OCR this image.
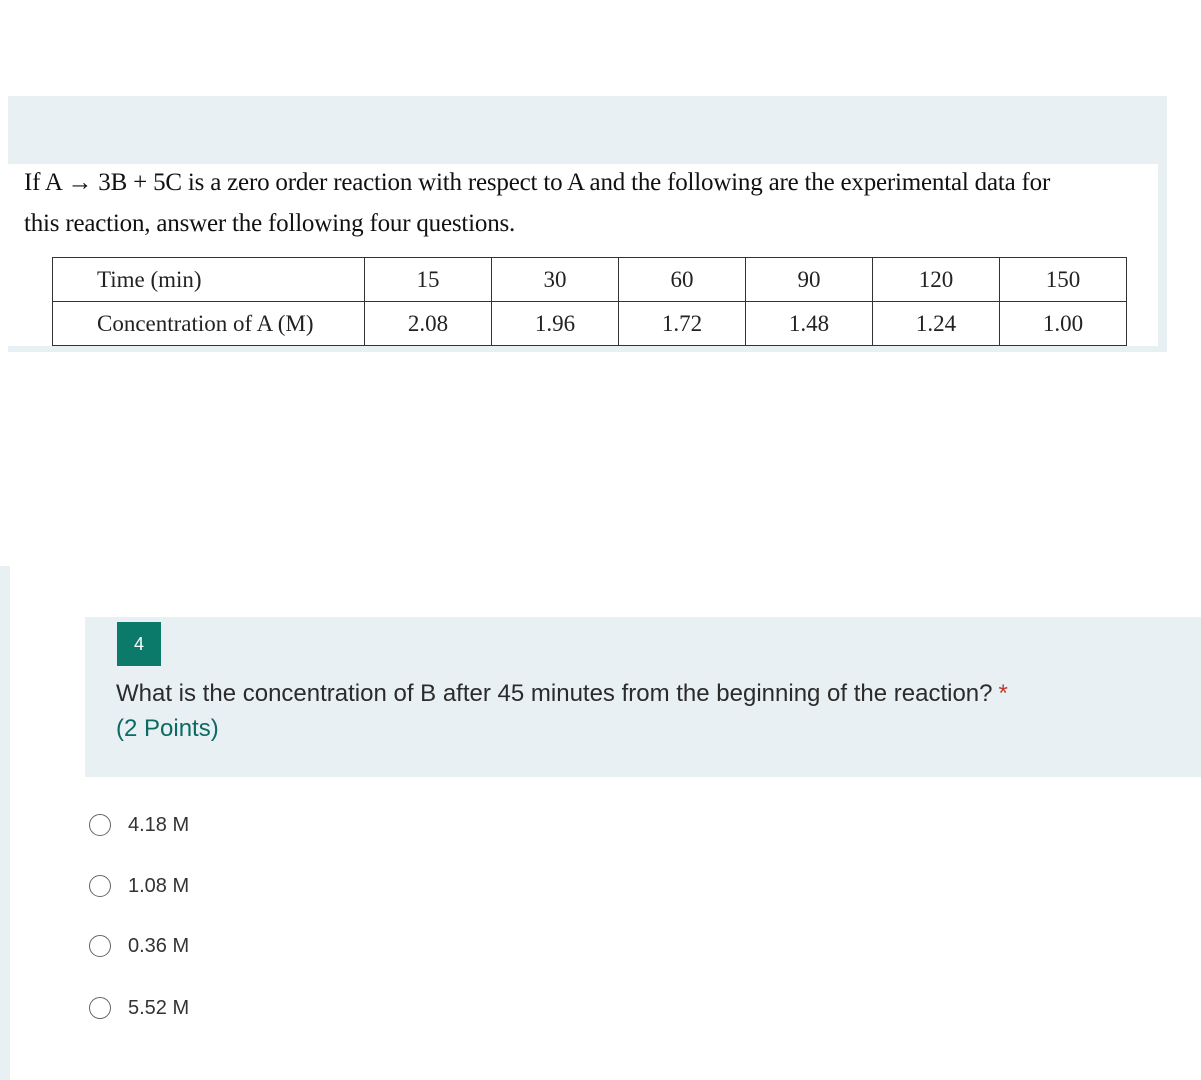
If A → 3B + 5C is a zero order reaction with respect to A and the following are the experimental data for
this reaction, answer the following four questions.
Time (min)	15	30	60	90	120	150
Concentration of A (M)	2.08	1.96	1.72	1.48	1.24	1.00
4
What is the concentration of B after 45 minutes from the beginning of the reaction? *
(2 Points)
4.18 M
1.08 M
0.36 M
5.52 M
